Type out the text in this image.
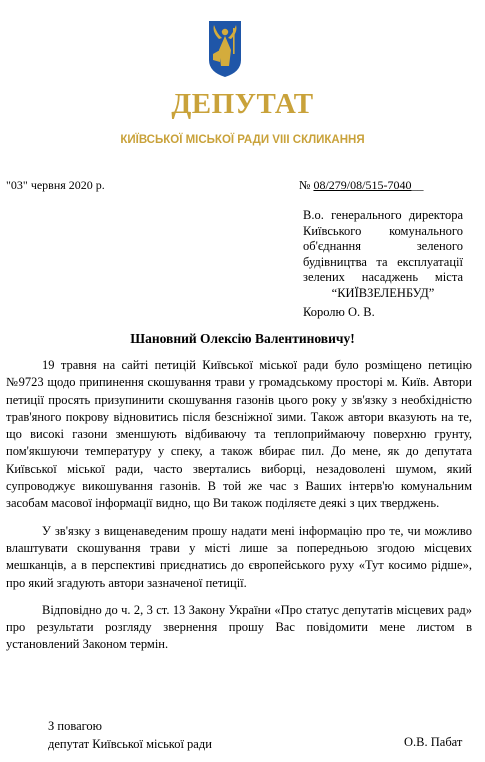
ДЕПУТАТ
КИЇВСЬКОЇ МІСЬКОЇ РАДИ VIII СКЛИКАННЯ
"03" червня 2020 р.	№ 08/279/08/515-7040__
В.о. генерального директора
Київського комунального
об'єднання зеленого
будівництва та експлуатації
зелених насаджень міста
“КИЇВЗЕЛЕНБУД”
Королю О. В.
Шановний Олексію Валентиновичу!

19 травня на сайті петицій Київської міської ради було розміщено петицію №9723 щодо припинення скошування трави у громадському просторі м. Київ. Автори петиції просять призупинити скошування газонів цього року у зв'язку з необхідністю трав'яного покрову відновитись після безсніжної зими. Також автори вказують на те, що високі газони зменшують відбиваючу та теплоприймаючу поверхню грунту, пом'якшуючи температуру у спеку, а також вбирає пил. До мене, як до депутата Київської міської ради, часто звертались виборці, незадоволені шумом, який супроводжує викошування газонів. В той же час з Ваших інтерв'ю комунальним засобам масової інформації видно, що Ви також поділяєте деякі з цих тверджень.

У зв'язку з вищенаведеним прошу надати мені інформацію про те, чи можливо влаштувати скошування трави у місті лише за попередньою згодою місцевих мешканців, а в перспективі приєднатись до європейського руху «Тут косимо рідше», про який згадують автори зазначеної петиції.

Відповідно до ч. 2, 3 ст. 13 Закону України «Про статус депутатів місцевих рад» про результати розгляду звернення прошу Вас повідомити мене листом в установлений Законом термін.

З повагою
депутат Київської міської ради	О.В. Пабат
